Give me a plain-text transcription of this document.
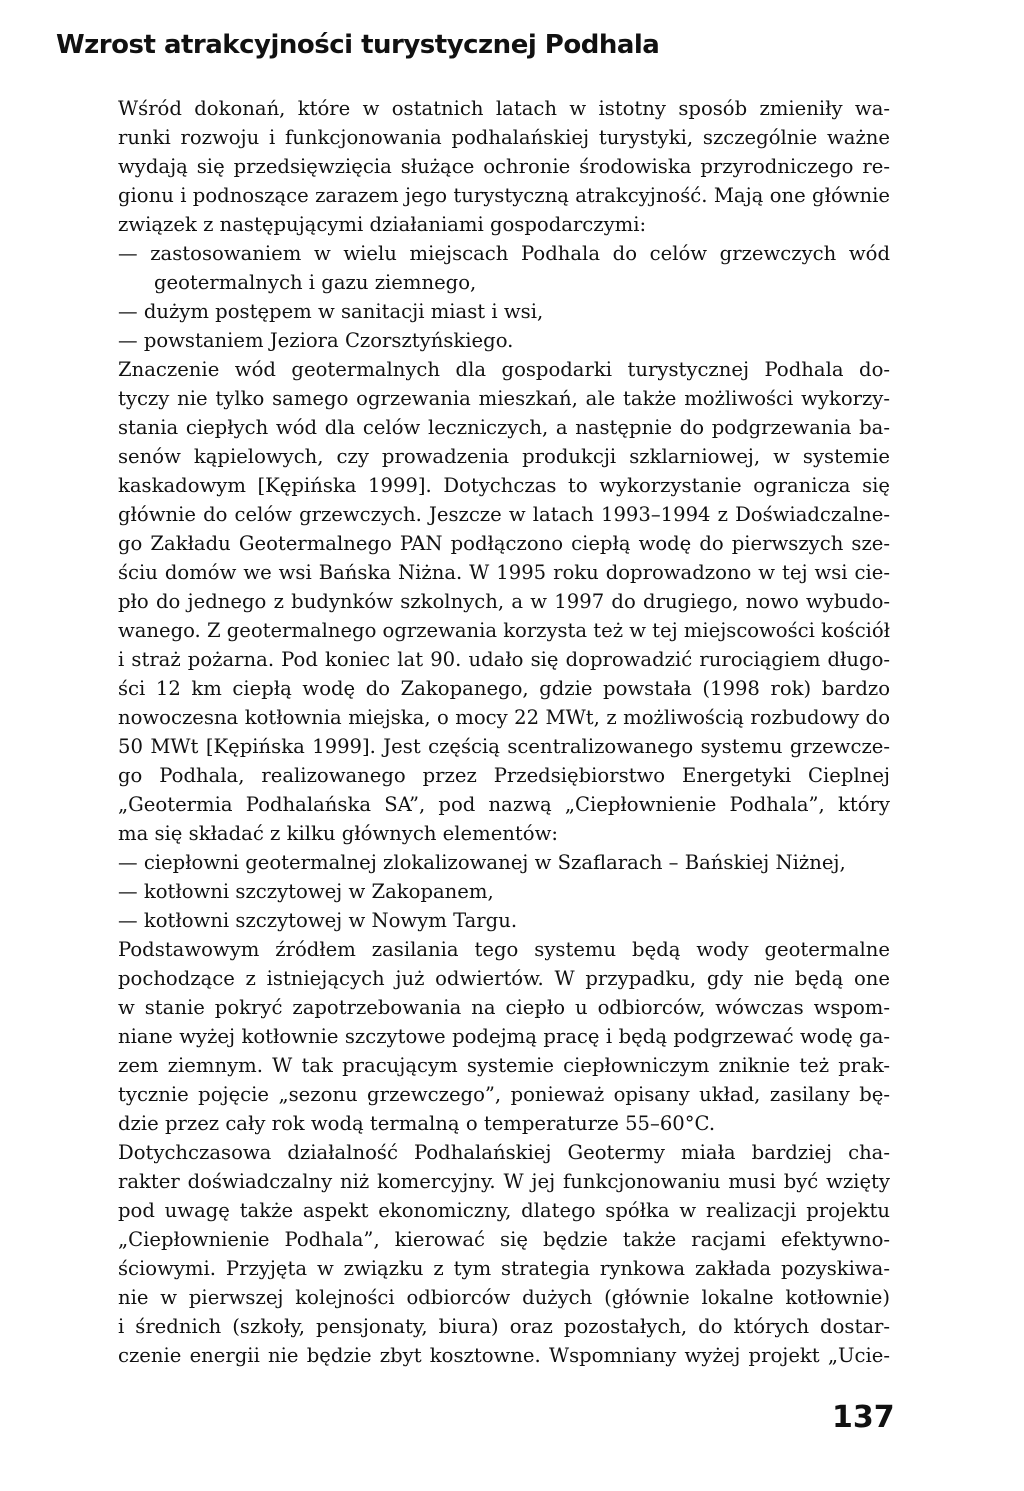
Wzrost atrakcyjności turystycznej Podhala
Wśród dokonań, które w ostatnich latach w istotny sposób zmieniły wa-
runki rozwoju i funkcjonowania podhalańskiej turystyki, szczególnie ważne
wydają się przedsięwzięcia służące ochronie środowiska przyrodniczego re-
gionu i podnoszące zarazem jego turystyczną atrakcyjność. Mają one głównie
związek z następującymi działaniami gospodarczymi:
— zastosowaniem w wielu miejscach Podhala do celów grzewczych wód
geotermalnych i gazu ziemnego,
— dużym postępem w sanitacji miast i wsi,
— powstaniem Jeziora Czorsztyńskiego.
Znaczenie wód geotermalnych dla gospodarki turystycznej Podhala do-
tyczy nie tylko samego ogrzewania mieszkań, ale także możliwości wykorzy-
stania ciepłych wód dla celów leczniczych, a następnie do podgrzewania ba-
senów kąpielowych, czy prowadzenia produkcji szklarniowej, w systemie
kaskadowym [Kępińska 1999]. Dotychczas to wykorzystanie ogranicza się
głównie do celów grzewczych. Jeszcze w latach 1993–1994 z Doświadczalne-
go Zakładu Geotermalnego PAN podłączono ciepłą wodę do pierwszych sze-
ściu domów we wsi Bańska Niżna. W 1995 roku doprowadzono w tej wsi cie-
pło do jednego z budynków szkolnych, a w 1997 do drugiego, nowo wybudo-
wanego. Z geotermalnego ogrzewania korzysta też w tej miejscowości kościół
i straż pożarna. Pod koniec lat 90. udało się doprowadzić rurociągiem długo-
ści 12 km ciepłą wodę do Zakopanego, gdzie powstała (1998 rok) bardzo
nowoczesna kotłownia miejska, o mocy 22 MWt, z możliwością rozbudowy do
50 MWt [Kępińska 1999]. Jest częścią scentralizowanego systemu grzewcze-
go Podhala, realizowanego przez Przedsiębiorstwo Energetyki Cieplnej
„Geotermia Podhalańska SA”, pod nazwą „Ciepłownienie Podhala”, który
ma się składać z kilku głównych elementów:
— ciepłowni geotermalnej zlokalizowanej w Szaflarach – Bańskiej Niżnej,
— kotłowni szczytowej w Zakopanem,
— kotłowni szczytowej w Nowym Targu.
Podstawowym źródłem zasilania tego systemu będą wody geotermalne
pochodzące z istniejących już odwiertów. W przypadku, gdy nie będą one
w stanie pokryć zapotrzebowania na ciepło u odbiorców, wówczas wspom-
niane wyżej kotłownie szczytowe podejmą pracę i będą podgrzewać wodę ga-
zem ziemnym. W tak pracującym systemie ciepłowniczym zniknie też prak-
tycznie pojęcie „sezonu grzewczego”, ponieważ opisany układ, zasilany bę-
dzie przez cały rok wodą termalną o temperaturze 55–60°C.
Dotychczasowa działalność Podhalańskiej Geotermy miała bardziej cha-
rakter doświadczalny niż komercyjny. W jej funkcjonowaniu musi być wzięty
pod uwagę także aspekt ekonomiczny, dlatego spółka w realizacji projektu
„Ciepłownienie Podhala”, kierować się będzie także racjami efektywno-
ściowymi. Przyjęta w związku z tym strategia rynkowa zakłada pozyskiwa-
nie w pierwszej kolejności odbiorców dużych (głównie lokalne kotłownie)
i średnich (szkoły, pensjonaty, biura) oraz pozostałych, do których dostar-
czenie energii nie będzie zbyt kosztowne. Wspomniany wyżej projekt „Ucie-
137
